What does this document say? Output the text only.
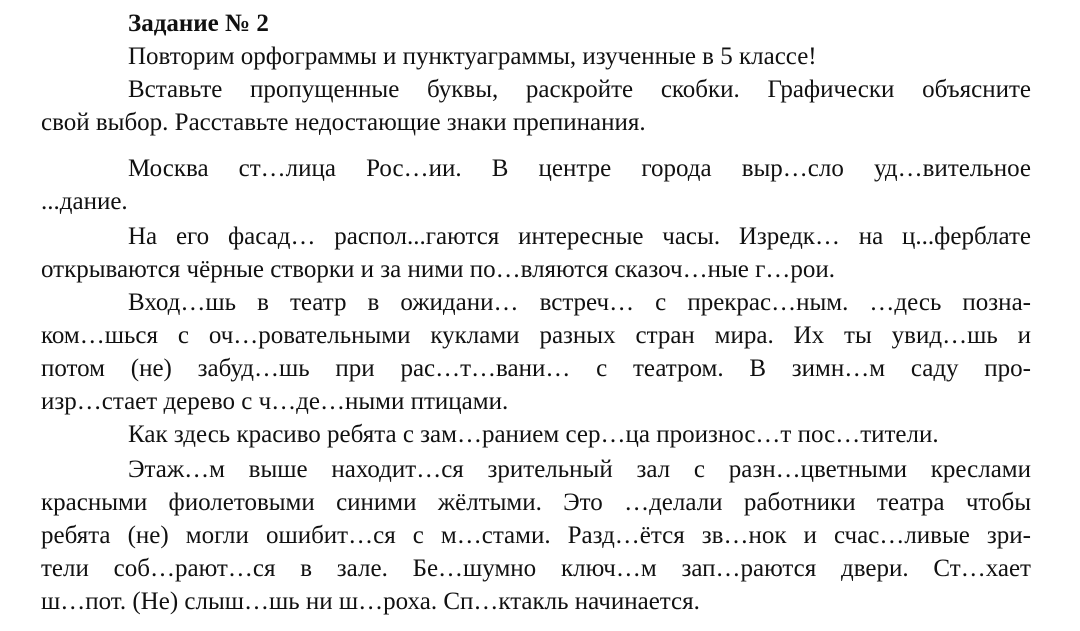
Задание № 2
Повторим орфограммы и пунктуаграммы, изученные в 5 классе!
Вставьте пропущенные буквы, раскройте скобки. Графически объясните
свой выбор. Расставьте недостающие знаки препинания.
Москва ст…лица Рос…ии. В центре города выр…сло уд…вительное
...дание.
На его фасад… распол...гаются интересные часы. Изредк… на ц...ферблате
открываются чёрные створки и за ними по…вляются сказоч…ные г…рои.
Вход…шь в театр в ожидани… встреч… с прекрас…ным. …десь позна-
ком…шься с оч…ровательными куклами разных стран мира. Их ты увид…шь и
потом (не) забуд…шь при рас…т…вани… с театром. В зимн…м саду про-
изр…стает дерево с ч…де…ными птицами.
Как здесь красиво ребята с зам…ранием сер…ца произнос…т пос…тители.
Этаж…м выше находит…ся зрительный зал с разн…цветными креслами
красными фиолетовыми синими жёлтыми. Это …делали работники театра чтобы
ребята (не) могли ошибит…ся с м…стами. Разд…ётся зв…нок и счас…ливые зри-
тели соб…рают…ся в зале. Бе…шумно ключ…м зап…раются двери. Ст…хает
ш…пот. (Не) слыш…шь ни ш…роха. Сп…ктакль начинается.
